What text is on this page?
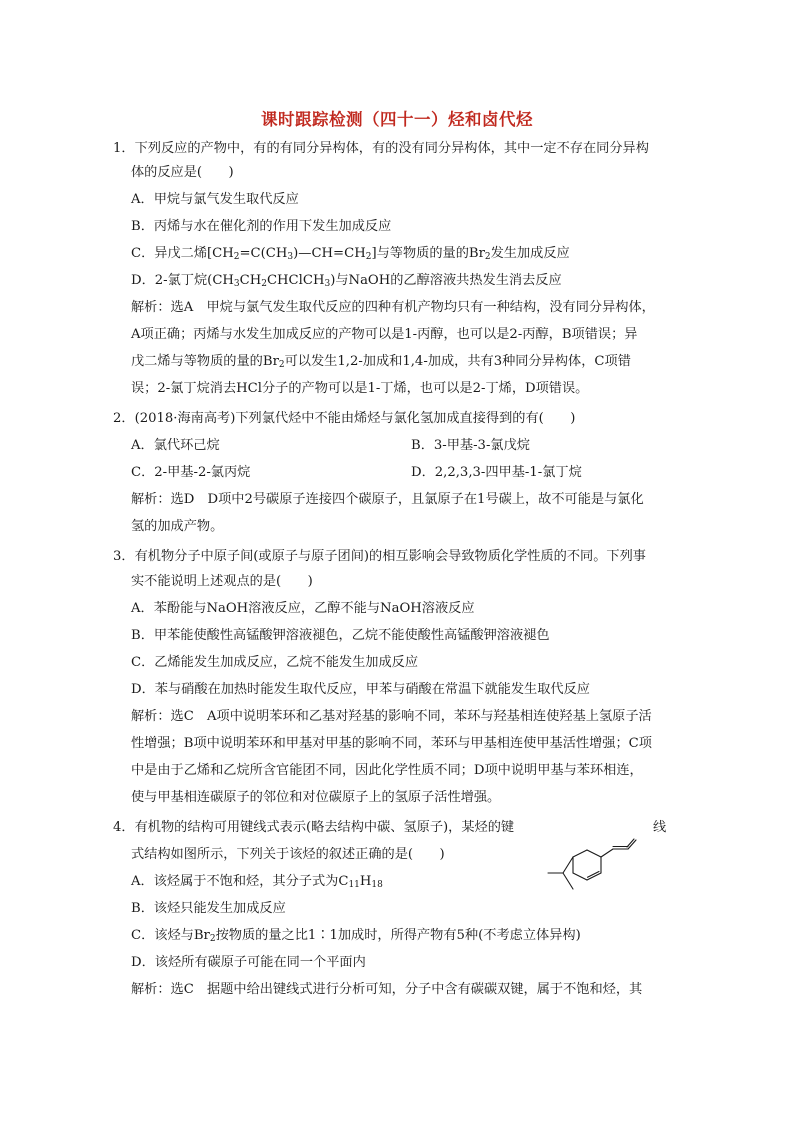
课时跟踪检测（四十一）烃和卤代烃
1．下列反应的产物中，有的有同分异构体，有的没有同分异构体，其中一定不存在同分异构
体的反应是(　　)
A．甲烷与氯气发生取代反应
B．丙烯与水在催化剂的作用下发生加成反应
C．异戊二烯$[CH_2=C(CH_3)—CH=CH_2]$与等物质的量的$Br_2$发生加成反应
D．2-氯丁烷$(CH_3CH_2CHClCH_3)$与NaOH的乙醇溶液共热发生消去反应
解析：选A　甲烷与氯气发生取代反应的四种有机产物均只有一种结构，没有同分异构体，
A项正确；丙烯与水发生加成反应的产物可以是1-丙醇，也可以是2-丙醇，B项错误；异
戊二烯与等物质的量的$Br_2$可以发生1,2-加成和1,4-加成，共有3种同分异构体，C项错
误；2-氯丁烷消去HCl分子的产物可以是1-丁烯，也可以是2-丁烯，D项错误。
2．(2018·海南高考)下列氯代烃中不能由烯烃与氯化氢加成直接得到的有(　　)
A．氯代环己烷	B．3-甲基-3-氯戊烷
C．2-甲基-2-氯丙烷	D．2,2,3,3-四甲基-1-氯丁烷
解析：选D　D项中2号碳原子连接四个碳原子，且氯原子在1号碳上，故不可能是与氯化
氢的加成产物。
3．有机物分子中原子间(或原子与原子团间)的相互影响会导致物质化学性质的不同。下列事
实不能说明上述观点的是(　　)
A．苯酚能与NaOH溶液反应，乙醇不能与NaOH溶液反应
B．甲苯能使酸性高锰酸钾溶液褪色，乙烷不能使酸性高锰酸钾溶液褪色
C．乙烯能发生加成反应，乙烷不能发生加成反应
D．苯与硝酸在加热时能发生取代反应，甲苯与硝酸在常温下就能发生取代反应
解析：选C　A项中说明苯环和乙基对羟基的影响不同，苯环与羟基相连使羟基上氢原子活
性增强；B项中说明苯环和甲基对甲基的影响不同，苯环与甲基相连使甲基活性增强；C项
中是由于乙烯和乙烷所含官能团不同，因此化学性质不同；D项中说明甲基与苯环相连，
使与甲基相连碳原子的邻位和对位碳原子上的氢原子活性增强。
4．有机物的结构可用键线式表示(略去结构中碳、氢原子)，某烃的键	线
式结构如图所示，下列关于该烃的叙述正确的是(　　)
A．该烃属于不饱和烃，其分子式为$C_{11}H_{18}$
B．该烃只能发生加成反应
C．该烃与$Br_2$按物质的量之比1∶1加成时，所得产物有5种(不考虑立体异构)
D．该烃所有碳原子可能在同一个平面内
解析：选C　据题中给出键线式进行分析可知，分子中含有碳碳双键，属于不饱和烃，其
